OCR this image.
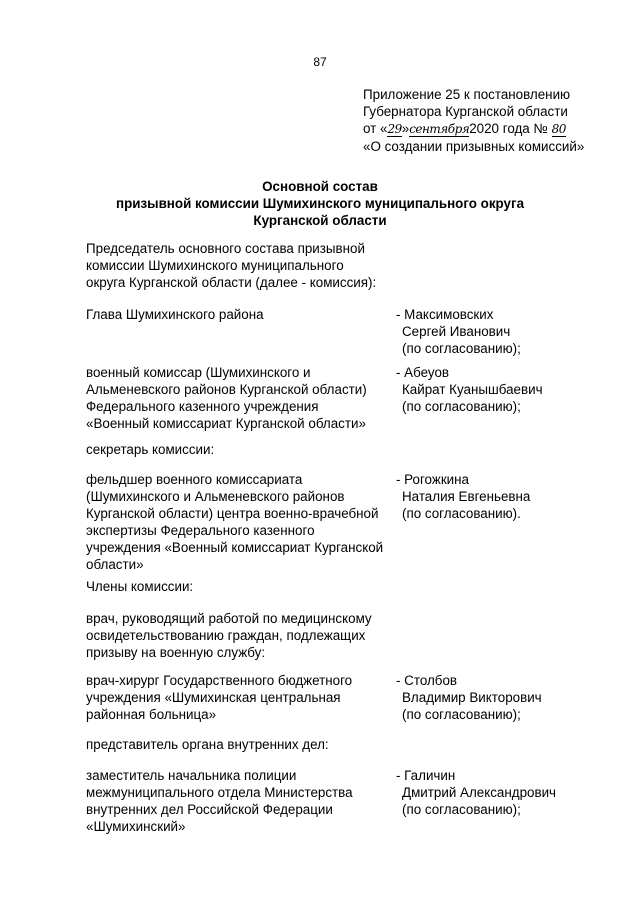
87
Приложение 25 к постановлению
Губернатора Курганской области
от «29»сентября2020 года № 80
«О создании призывных комиссий»
Основной состав
призывной комиссии Шумихинского муниципального округа
Курганской области
Председатель основного состава призывной
комиссии Шумихинского муниципального
округа Курганской области (далее - комиссия):
Глава Шумихинского района	- Максимовских
Сергей Иванович
(по согласованию);
военный комиссар (Шумихинского и
Альменевского районов Курганской области)
Федерального казенного учреждения
«Военный комиссариат Курганской области»
- Абеуов
Кайрат Куанышбаевич
(по согласованию);
секретарь комиссии:
фельдшер военного комиссариата
(Шумихинского и Альменевского районов
Курганской области) центра военно-врачебной
экспертизы Федерального казенного
учреждения «Военный комиссариат Курганской
области»
- Рогожкина
Наталия Евгеньевна
(по согласованию).
Члены комиссии:
врач, руководящий работой по медицинскому
освидетельствованию граждан, подлежащих
призыву на военную службу:
врач-хирург Государственного бюджетного
учреждения «Шумихинская центральная
районная больница»
- Столбов
Владимир Викторович
(по согласованию);
представитель органа внутренних дел:
заместитель начальника полиции
межмуниципального отдела Министерства
внутренних дел Российской Федерации
«Шумихинский»
- Галичин
Дмитрий Александрович
(по согласованию);
